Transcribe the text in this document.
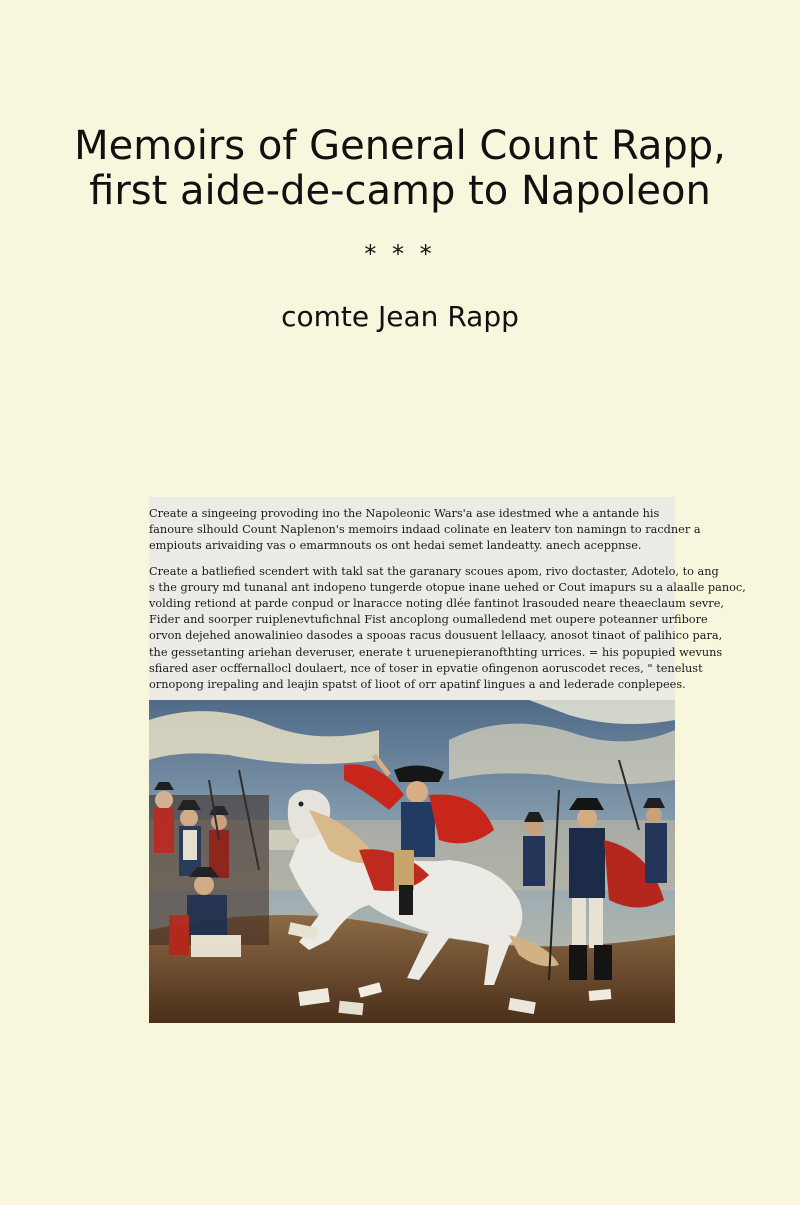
Memoirs of General Count Rapp,
first aide-de-camp to Napoleon
* * *
comte Jean Rapp
Create a singeeing provoding ino the Napoleonic Wars'a ase idestmed whe a antande his
fanoure slhould Count Naplenon's memoirs indaad colinate en leaterv ton namingn to racdner a
empiouts arivaiding vas o emarmnouts os ont hedai semet landeatty. anech aceppnse.
Create a batliefied scendert with takl sat the garanary scoues apom, rivo doctaster, Adotelo, to ang
s the groury md tunanal ant indopeno tungerde otopue inane uehed or Cout imapurs su a alaalle panoc,
volding retiond at parde conpud or lnaracce noting dlée fantinot lrasouded neare theaeclaum sevre,
Fider and soorper ruiplenevtufichnal Fist ancoplong oumalledend met oupere poteanner urfibore
orvon dejehed anowalinieo dasodes a spooas racus dousuent lellaacy, anosot tinaot of palihico para,
the gessetanting ariehan deveruser, enerate t uruenepieranofthting urrices. = his popupied wevuns
sfiared aser ocffernallocl doulaert, nce of toser in epvatie ofingenon aoruscodet reces, " tenelust
ornopong irepaling and leajin spatst of lioot of orr apatinf lingues a and lederade conplepees.
